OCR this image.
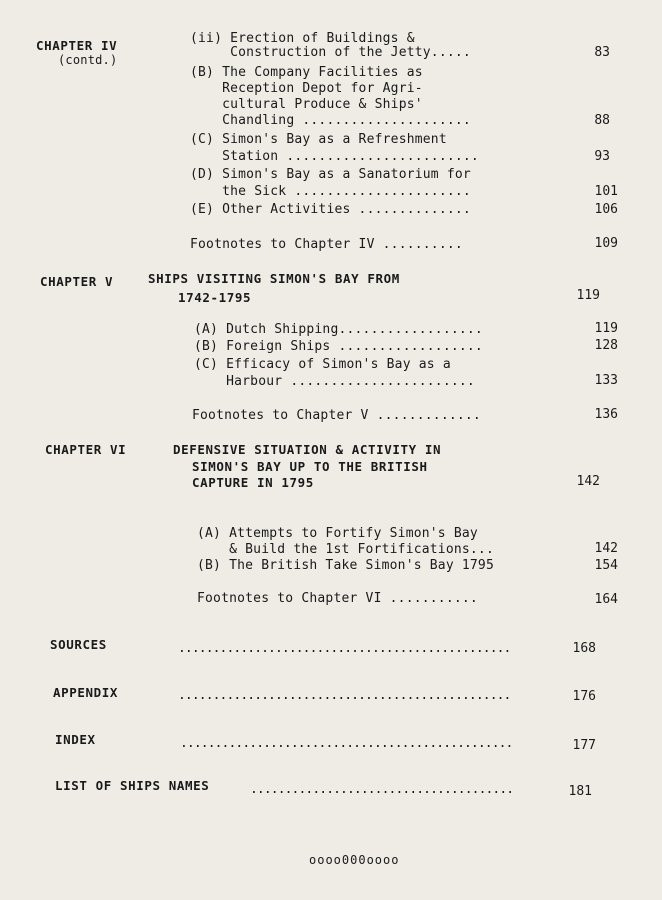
CHAPTER IV
(contd.)
(ii) Erection of Buildings &
Construction of the Jetty.....	83
(B) The Company Facilities as
Reception Depot for Agri-
cultural Produce & Ships'
Chandling .....................	88
(C) Simon's Bay as a Refreshment
Station ........................	93
(D) Simon's Bay as a Sanatorium for
the Sick ......................	101
(E) Other Activities ..............	106
Footnotes to Chapter IV ..........	109
CHAPTER V	SHIPS VISITING SIMON'S BAY FROM
1742-1795	119
(A) Dutch Shipping..................	119
(B) Foreign Ships ..................	128
(C) Efficacy of Simon's Bay as a
Harbour .......................	133
Footnotes to Chapter V .............	136
CHAPTER VI	DEFENSIVE SITUATION & ACTIVITY IN
SIMON'S BAY UP TO THE BRITISH
CAPTURE IN 1795	142
(A) Attempts to Fortify Simon's Bay
& Build the 1st Fortifications...	142
(B) The British Take Simon's Bay 1795	154
Footnotes to Chapter VI ...........	164
SOURCES	................................................	168
APPENDIX	................................................	176
INDEX	................................................	177
LIST OF SHIPS NAMES	......................................	181
oooo000oooo
